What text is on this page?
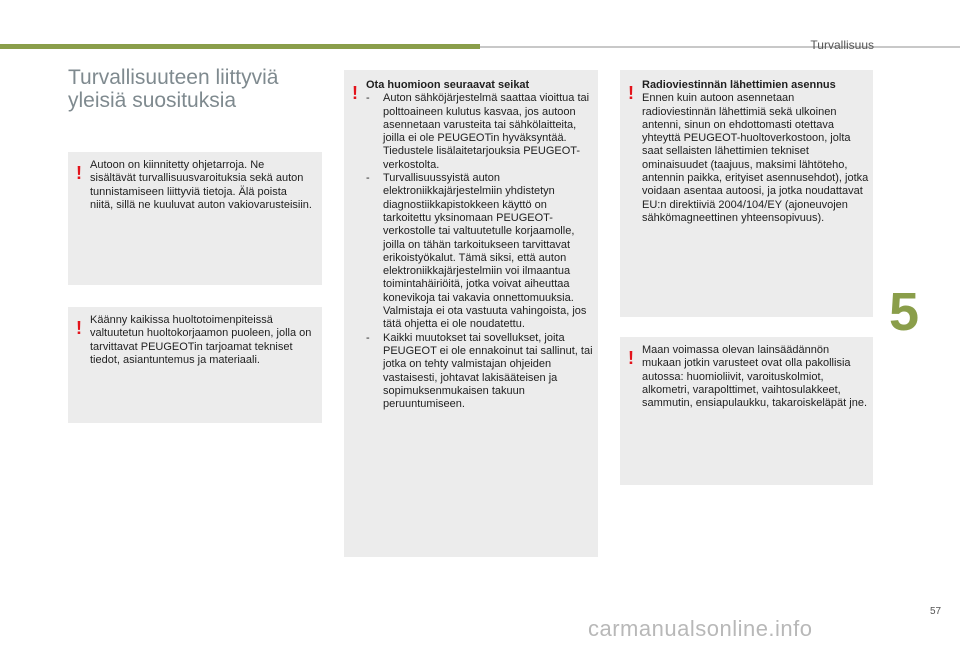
Turvallisuus
Turvallisuuteen liittyviä yleisiä suosituksia
! Autoon on kiinnitetty ohjetarroja. Ne sisältävät turvallisuusvaroituksia sekä auton tunnistamiseen liittyviä tietoja. Älä poista niitä, sillä ne kuuluvat auton vakiovarusteisiin.

! Käänny kaikissa huoltotoimenpiteissä valtuutetun huoltokorjaamon puoleen, jolla on tarvittavat PEUGEOTin tarjoamat tekniset tiedot, asiantuntemus ja materiaali.

! Ota huomioon seuraavat seikat

- Auton sähköjärjestelmä saattaa vioittua tai polttoaineen kulutus kasvaa, jos autoon asennetaan varusteita tai sähkölaitteita, joilla ei ole PEUGEOTin hyväksyntää. Tiedustele lisälaitetarjouksia PEUGEOT-verkostolta.
- Turvallisuussyistä auton elektroniikkajärjestelmiin yhdistetyn diagnostiikkapistokkeen käyttö on tarkoitettu yksinomaan PEUGEOT-verkostolle tai valtuutetulle korjaamolle, joilla on tähän tarkoitukseen tarvittavat erikoistyökalut. Tämä siksi, että auton elektroniikkajärjestelmiin voi ilmaantua toimintahäiriöitä, jotka voivat aiheuttaa konevikoja tai vakavia onnettomuuksia. Valmistaja ei ota vastuuta vahingoista, jos tätä ohjetta ei ole noudatettu.
- Kaikki muutokset tai sovellukset, joita PEUGEOT ei ole ennakoinut tai sallinut, tai jotka on tehty valmistajan ohjeiden vastaisesti, johtavat lakisääteisen ja sopimuksenmukaisen takuun peruuntumiseen.
! Radioviestinnän lähettimien asennus

Ennen kuin autoon asennetaan radioviestinnän lähettimiä sekä ulkoinen antenni, sinun on ehdottomasti otettava yhteyttä PEUGEOT-huoltoverkostoon, jolta saat sellaisten lähettimien tekniset ominaisuudet (taajuus, maksimi lähtöteho, antennin paikka, erityiset asennusehdot), jotka voidaan asentaa autoosi, ja jotka noudattavat EU:n direktiiviä 2004/104/EY (ajoneuvojen sähkömagneettinen yhteensopivuus).

! Maan voimassa olevan lainsäädännön mukaan jotkin varusteet ovat olla pakollisia autossa: huomioliivit, varoituskolmiot, alkometri, varapolttimet, vaihtosulakkeet, sammutin, ensiapulaukku, takaroiskeläpät jne.

5
57
carmanualsonline.info
